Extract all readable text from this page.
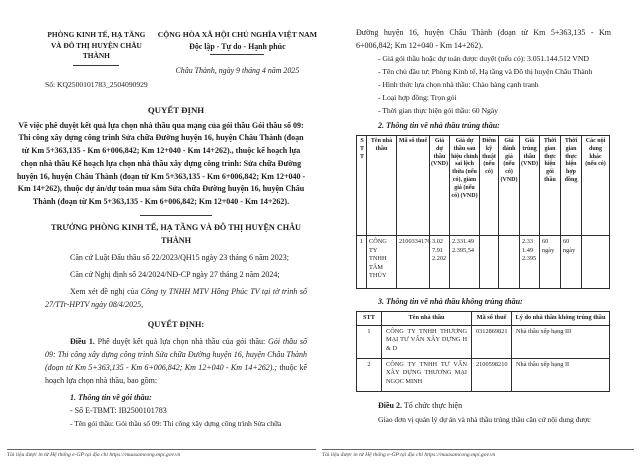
PHÒNG KINH TẾ, HẠ TẦNG
VÀ ĐÔ THỊ HUYỆN CHÂU
THÀNH
Số: KQ2500101783_2504090929
CỘNG HÒA XÃ HỘI CHỦ NGHĨA VIỆT NAM
Độc lập - Tự do - Hạnh phúc
Châu Thành, ngày 9 tháng 4 năm 2025
QUYẾT ĐỊNH
Về việc phê duyệt kết quả lựa chọn nhà thầu qua mạng của gói thầu Gói thầu số 09: Thi công xây dựng công trình Sửa chữa Đường huyện 16, huyện Châu Thành (đoạn từ Km 5+363,135 - Km 6+006,842; Km 12+040 - Km 14+262)., thuộc kế hoạch lựa chọn nhà thầu Kế hoạch lựa chọn nhà thầu xây dựng công trình: Sửa chữa Đường huyện 16, huyện Châu Thành (đoạn từ Km 5+363,135 - Km 6+006,842; Km 12+040 - Km 14+262), thuộc dự án/dự toán mua sắm Sửa chữa Đường huyện 16, huyện Châu Thành (đoạn từ Km 5+363,135 - Km 6+006,842; Km 12+040 - Km 14+262).
TRƯỞNG PHÒNG KINH TẾ, HẠ TẦNG VÀ ĐÔ THỊ HUYỆN CHÂU THÀNH

Căn cứ Luật Đấu thầu số 22/2023/QH15 ngày 23 tháng 6 năm 2023;

Căn cứ Nghị định số 24/2024/NĐ-CP ngày 27 tháng 2 năm 2024;

Xem xét đề nghị của Công ty TNHH MTV Hồng Phúc TV tại tờ trình số 27/TTr-HPTV ngày 08/4/2025,

QUYẾT ĐỊNH:

Điều 1. Phê duyệt kết quả lựa chọn nhà thầu của gói thầu: Gói thầu số 09: Thi công xây dựng công trình Sửa chữa Đường huyện 16, huyện Châu Thành (đoạn từ Km 5+363,135 - Km 6+006,842; Km 12+040 - Km 14+262).; thuộc kế hoạch lựa chọn nhà thầu, bao gồm:

1. Thông tin về gói thầu:
- Số E-TBMT: IB2500101783
- Tên gói thầu: Gói thầu số 09: Thi công xây dựng công trình Sửa chữa
Tài liệu được in từ Hệ thống e-GP tại địa chỉ https://muasamcong.mpi.gov.vn

Đường huyện 16, huyện Châu Thành (đoạn từ Km 5+363,135 - Km 6+006,842; Km 12+040 - Km 14+262).

- Giá gói thầu hoặc dự toán được duyệt (nếu có): 3.051.144.512 VND
- Tên chủ đầu tư: Phòng Kinh tế, Hạ tầng và Đô thị huyện Châu Thành
- Hình thức lựa chọn nhà thầu: Chào hàng cạnh tranh
- Loại hợp đồng: Trọn gói
- Thời gian thực hiện gói thầu: 60 Ngày
2. Thông tin về nhà thầu trúng thầu:
STT	Tên nhà thầu	Mã số thuế	Giá dự thầu (VND)	Giá dự thầu sau hiệu chỉnh sai lệch thừa (nếu có), giảm giá (nếu có) (VND)	Điểm kỹ thuật (nếu có)	Giá đánh giá (nếu có) (VND)	Giá trúng thầu (VND)	Thời gian thực hiện gói thầu	Thời gian thực hiện hợp đồng	Các nội dung khác (nếu có)
1	CÔNG TY TNHH TÂM THỦY	2100334176	3.027.912.202	2.331.492.395,54			2.331.492.395	60 ngày	60 ngày	
3. Thông tin về nhà thầu không trúng thầu:
STT	Tên nhà thầu	Mã số thuế	Lý do nhà thầu không trúng thầu
1	CÔNG TY TNHH THƯƠNG MẠI TƯ VẤN XÂY DỰNG H & D	0312869821	Nhà thầu xếp hạng III
2	CÔNG TY TNHH TƯ VẤN XÂY DỰNG THƯƠNG MẠI NGỌC MINH	2100598210	Nhà thầu xếp hạng II
Điều 2. Tổ chức thực hiện
Giao đơn vị quản lý dự án và nhà thầu trúng thầu căn cứ nội dung được
Tài liệu được in từ Hệ thống e-GP tại địa chỉ https://muasamcong.mpi.gov.vn
